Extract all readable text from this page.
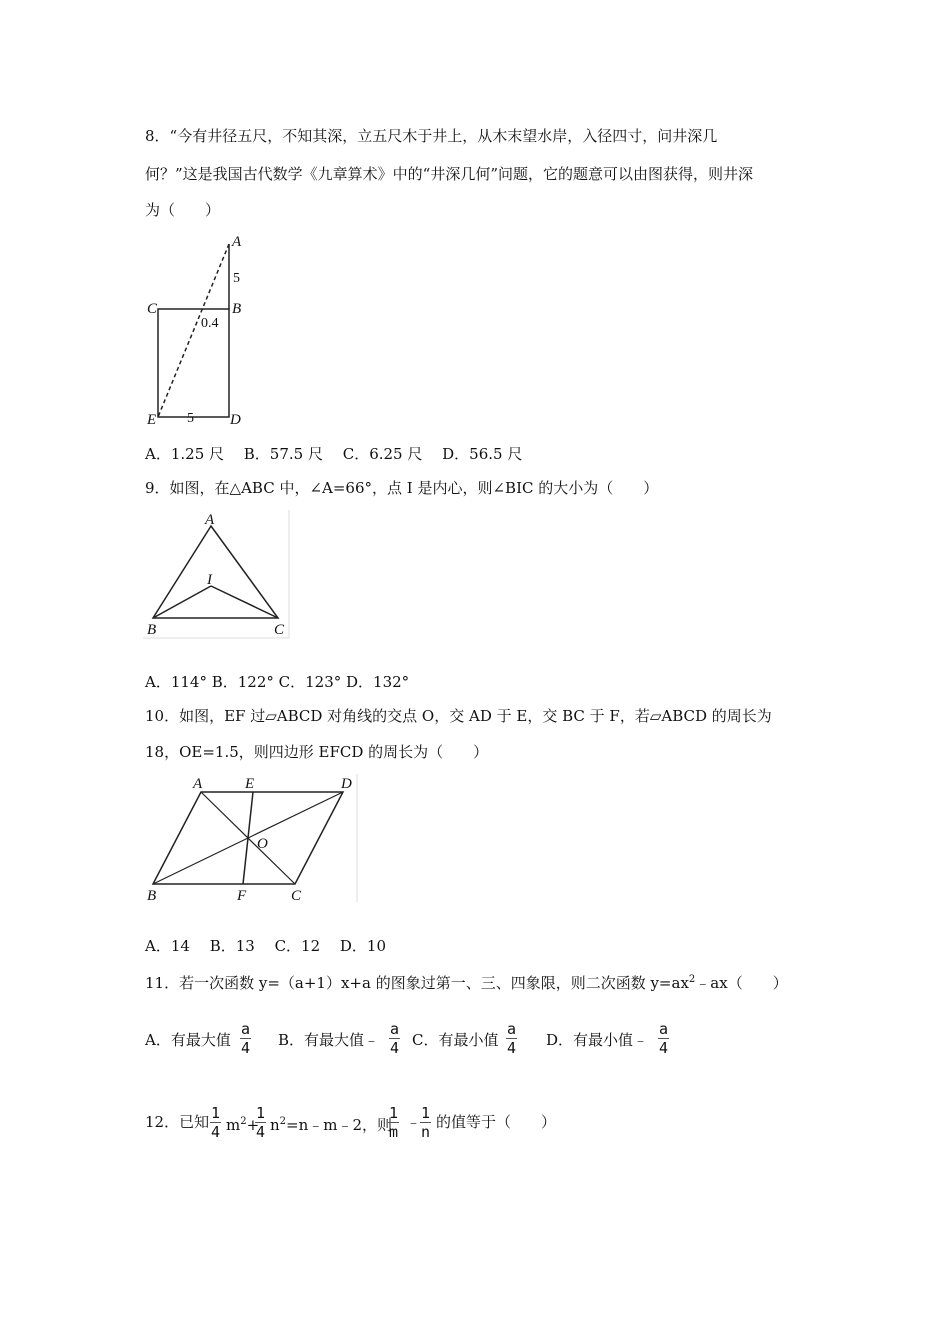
8．“今有井径五尺，不知其深，立五尺木于井上，从木末望水岸，入径四寸，问井深几
何？”这是我国古代数学《九章算术》中的“井深几何”问题，它的题意可以由图获得，则井深
为（　　）
A
5
C	B
0.4
E 5 D
A．1.25 尺　 B．57.5 尺　 C．6.25 尺　 D．56.5 尺
9．如图，在△ABC 中，∠A=66°，点 I 是内心，则∠BIC 的大小为（　　）
A
I
B	C
A．114° B．122° C．123° D．132°
10．如图，EF 过▱ABCD 对角线的交点 O，交 AD 于 E，交 BC 于 F，若▱ABCD 的周长为
18，OE=1.5，则四边形 EFCD 的周长为（　　）
A	E	D
O
B	F	C
A．14　 B．13　 C．12　 D．10
11．若一次函数 y=（a+1）x+a 的图象过第一、三、四象限，则二次函数 $y=ax^2﹣ax$（　　）
A．有最大值 $\frac{a}{4}$ B．有最大值﹣ $\frac{a}{4}$ C．有最小值 $\frac{a}{4}$ D．有最小值﹣ $\frac{a}{4}$
12．已知 $\frac{1}{4} m^2+$
$\frac{1}{4}$ $n^2=n﹣m﹣2$，则
$\frac{1}{m}$ ﹣
$\frac{1}{n}$ 的值等于（　　）
